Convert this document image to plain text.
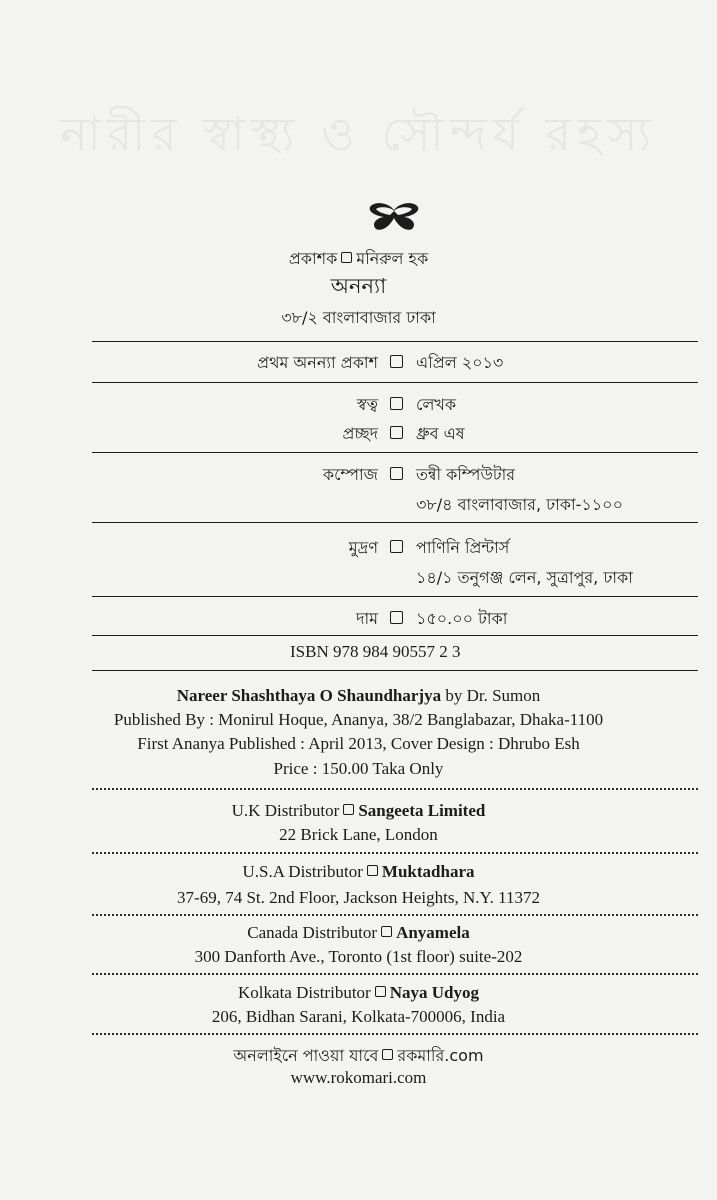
নারীর স্বাস্থ্য ও সৌন্দর্য রহস্য
প্রকাশক মনিরুল হক
অনন্যা
৩৮/২ বাংলাবাজার ঢাকা
প্রথম অনন্যা প্রকাশ এপ্রিল ২০১৩
স্বত্ব লেখক
প্রচ্ছদ ধ্রুব এষ
কম্পোজ তন্বী কম্পিউটার
৩৮/৪ বাংলাবাজার, ঢাকা-১১০০
মুদ্রণ পাণিনি প্রিন্টার্স
১৪/১ তনুগঞ্জ লেন, সুত্রাপুর, ঢাকা
দাম ১৫০.০০ টাকা
ISBN 978 984 90557 2 3
Nareer Shashthaya O Shaundharjya by Dr. Sumon
Published By : Monirul Hoque, Ananya, 38/2 Banglabazar, Dhaka-1100
First Ananya Published : April 2013, Cover Design : Dhrubo Esh
Price : 150.00 Taka Only
U.K Distributor Sangeeta Limited
22 Brick Lane, London
U.S.A Distributor Muktadhara
37-69, 74 St. 2nd Floor, Jackson Heights, N.Y. 11372
Canada Distributor Anyamela
300 Danforth Ave., Toronto (1st floor) suite-202
Kolkata Distributor Naya Udyog
206, Bidhan Sarani, Kolkata-700006, India
অনলাইনে পাওয়া যাবে রকমারি.com
www.rokomari.com
